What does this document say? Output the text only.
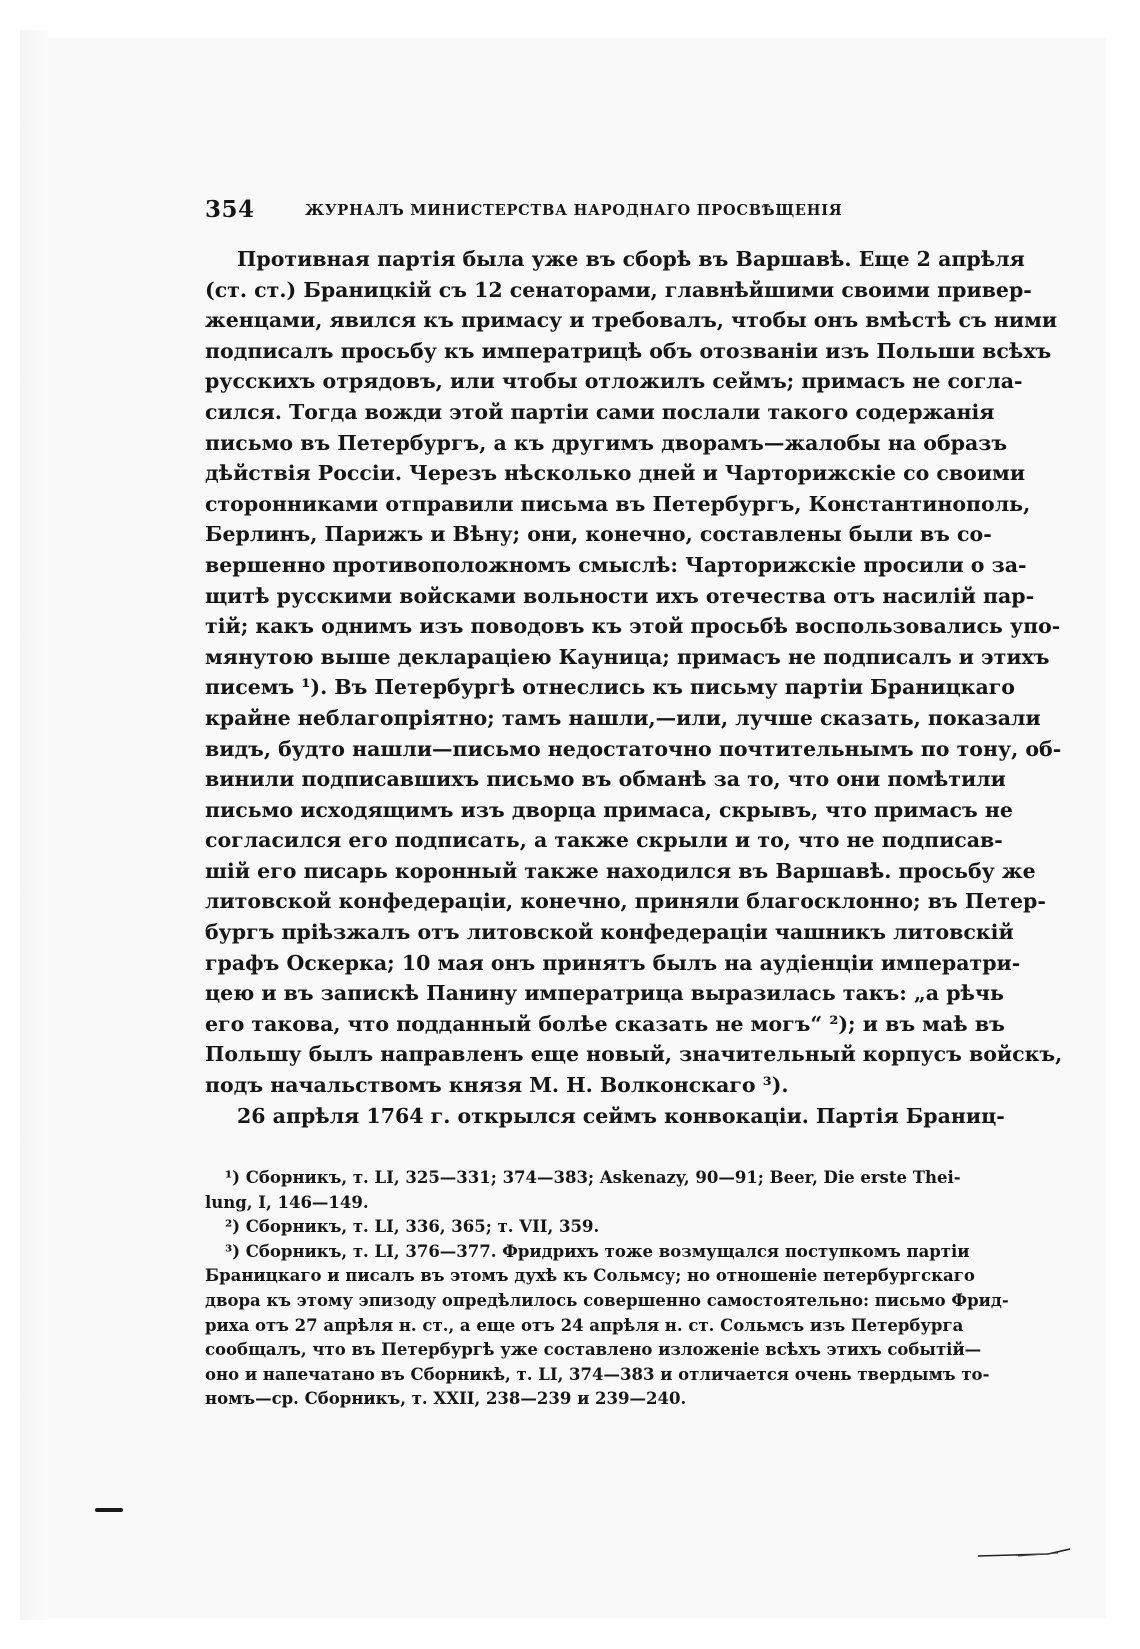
354	ЖУРНАЛЪ МИНИСТЕРСТВА НАРОДНАГО ПРОСВѢЩЕНІЯ
Противная партія была уже въ сборѣ въ Варшавѣ. Еще 2 апрѣля
(ст. ст.) Браницкій съ 12 сенаторами, главнѣйшими своими привер-
женцами, явился къ примасу и требовалъ, чтобы онъ вмѣстѣ съ ними
подписалъ просьбу къ императрицѣ объ отозваніи изъ Польши всѣхъ
русскихъ отрядовъ, или чтобы отложилъ сеймъ; примасъ не согла-
сился. Тогда вожди этой партіи сами послали такого содержанія
письмо въ Петербургъ, а къ другимъ дворамъ—жалобы на образъ
дѣйствія Россіи. Черезъ нѣсколько дней и Чарторижскіе со своими
сторонниками отправили письма въ Петербургъ, Константинополь,
Берлинъ, Парижъ и Вѣну; они, конечно, составлены были въ со-
вершенно противоположномъ смыслѣ: Чарторижскіе просили о за-
щитѣ русскими войсками вольности ихъ отечества отъ насилій пар-
тій; какъ однимъ изъ поводовъ къ этой просьбѣ воспользовались упо-
мянутою выше деклараціею Кауница; примасъ не подписалъ и этихъ
писемъ ¹). Въ Петербургѣ отнеслись къ письму партіи Браницкаго
крайне неблагопріятно; тамъ нашли,—или, лучше сказать, показали
видъ, будто нашли—письмо недостаточно почтительнымъ по тону, об-
винили подписавшихъ письмо въ обманѣ за то, что они помѣтили
письмо исходящимъ изъ дворца примаса, скрывъ, что примасъ не
согласился его подписать, а также скрыли и то, что не подписав-
шій его писарь коронный также находился въ Варшавѣ. просьбу же
литовской конфедераціи, конечно, приняли благосклонно; въ Петер-
бургъ пріѣзжалъ отъ литовской конфедераціи чашникъ литовскій
графъ Оскерка; 10 мая онъ принятъ былъ на аудіенціи императри-
цею и въ запискѣ Панину императрица выразилась такъ: „а рѣчь
его такова, что подданный болѣе сказать не могъ“ ²); и въ маѣ въ
Польшу былъ направленъ еще новый, значительный корпусъ войскъ,
подъ начальствомъ князя М. Н. Волконскаго ³).
26 апрѣля 1764 г. открылся сеймъ конвокаціи. Партія Браниц-
¹) Сборникъ, т. LI, 325—331; 374—383; Askenazy, 90—91; Beer, Die erste Thei-
lung, I, 146—149.
²) Сборникъ, т. LI, 336, 365; т. VII, 359.
³) Сборникъ, т. LI, 376—377. Фридрихъ тоже возмущался поступкомъ партіи
Браницкаго и писалъ въ этомъ духѣ къ Сольмсу; но отношеніе петербургскаго
двора къ этому эпизоду опредѣлилось совершенно самостоятельно: письмо Фрид-
риха отъ 27 апрѣля н. ст., а еще отъ 24 апрѣля н. ст. Сольмсъ изъ Петербурга
сообщалъ, что въ Петербургѣ уже составлено изложеніе всѣхъ этихъ событій—
оно и напечатано въ Сборникѣ, т. LI, 374—383 и отличается очень твердымъ то-
номъ—ср. Сборникъ, т. XXII, 238—239 и 239—240.
